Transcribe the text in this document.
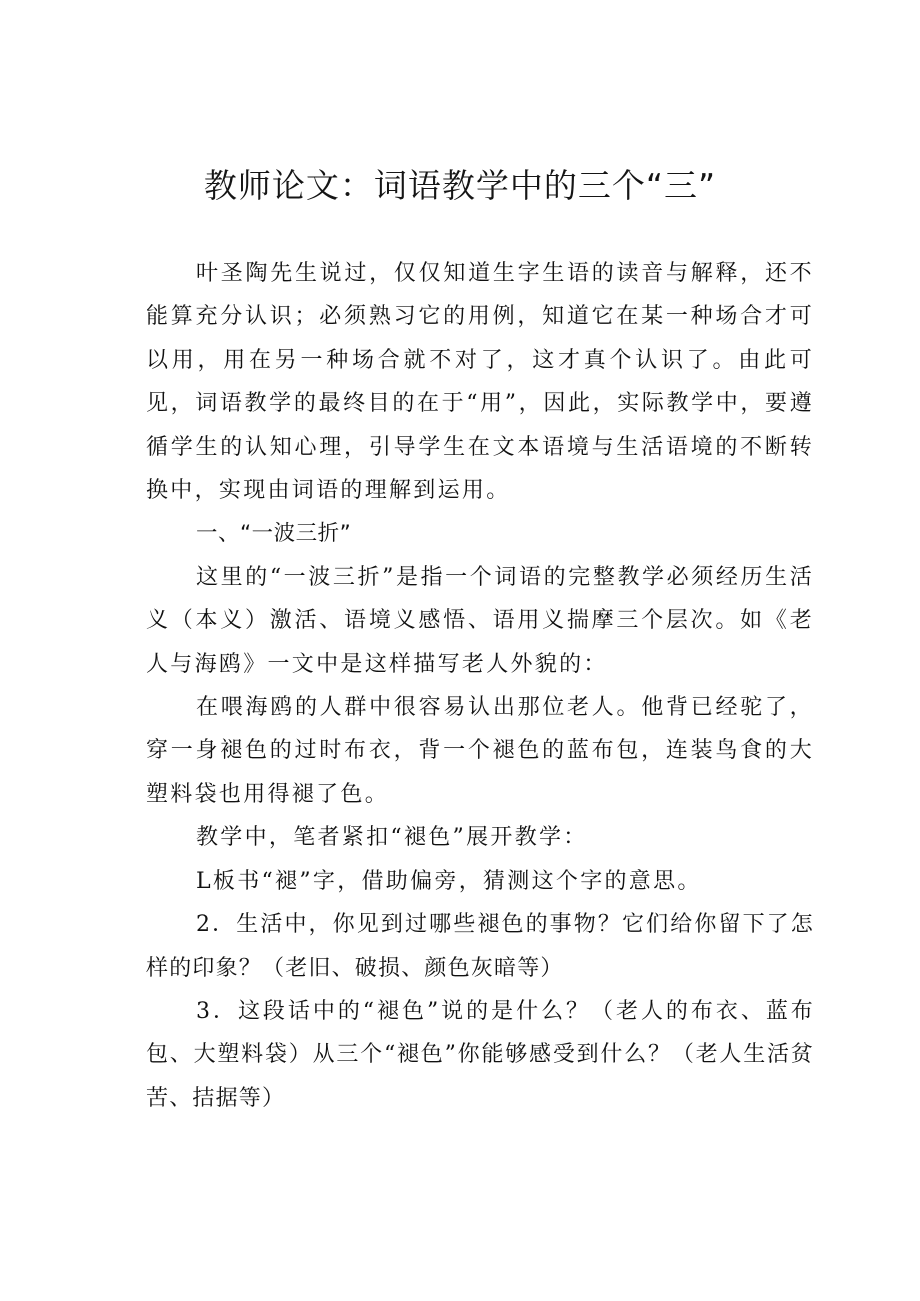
教师论文：词语教学中的三个“三”

叶圣陶先生说过，仅仅知道生字生语的读音与解释，还不能算充分认识；必须熟习它的用例，知道它在某一种场合才可以用，用在另一种场合就不对了，这才真个认识了。由此可见，词语教学的最终目的在于“用”，因此，实际教学中，要遵循学生的认知心理，引导学生在文本语境与生活语境的不断转换中，实现由词语的理解到运用。

一、“一波三折”

这里的“一波三折”是指一个词语的完整教学必须经历生活义（本义）激活、语境义感悟、语用义揣摩三个层次。如《老人与海鸥》一文中是这样描写老人外貌的：

在喂海鸥的人群中很容易认出那位老人。他背已经驼了，穿一身褪色的过时布衣，背一个褪色的蓝布包，连装鸟食的大塑料袋也用得褪了色。

教学中，笔者紧扣“褪色”展开教学：

L板书“褪”字，借助偏旁，猜测这个字的意思。

2．生活中，你见到过哪些褪色的事物？它们给你留下了怎样的印象？（老旧、破损、颜色灰暗等）

3．这段话中的“褪色”说的是什么？（老人的布衣、蓝布包、大塑料袋）从三个“褪色”你能够感受到什么？（老人生活贫苦、拮据等）
